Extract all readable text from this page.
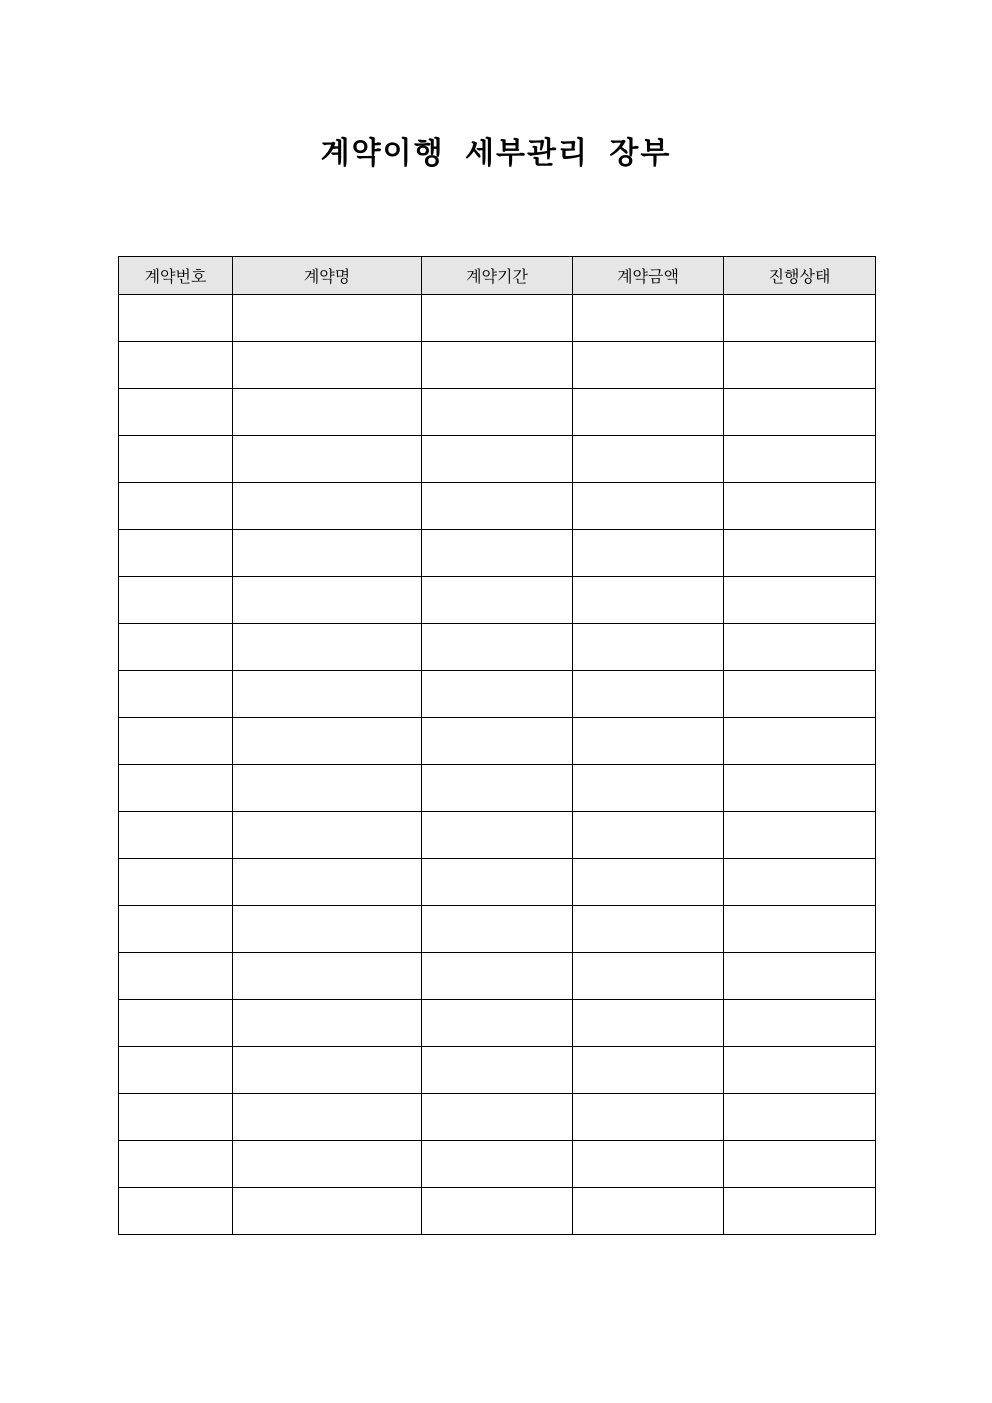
계약이행 세부관리 장부
계약번호	계약명	계약기간	계약금액	진행상태
